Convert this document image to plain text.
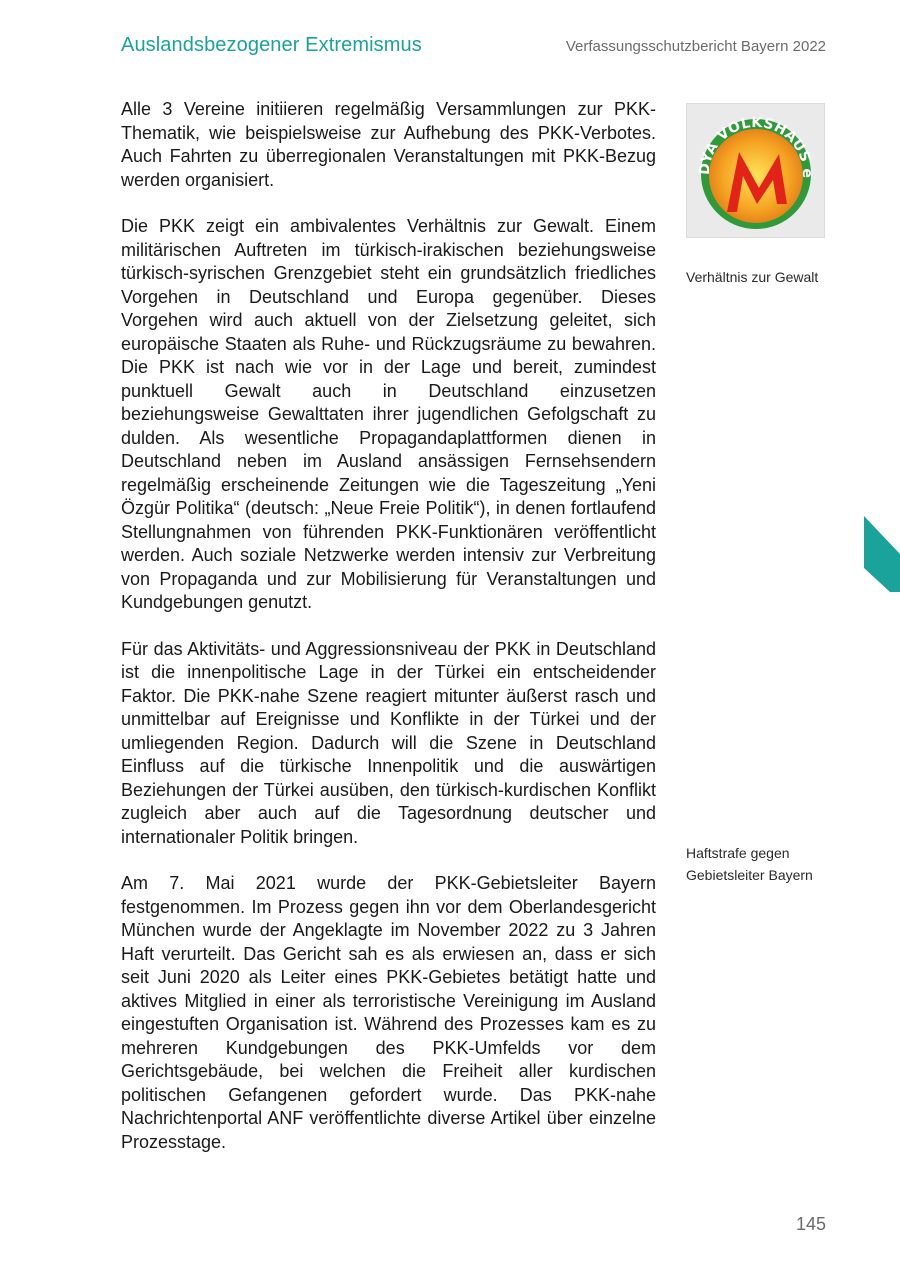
Auslandsbezogener Extremismus	Verfassungsschutzbericht Bayern 2022

Alle 3 Vereine initiieren regelmäßig Versammlungen zur PKK-Thematik, wie beispielsweise zur Aufhebung des PKK-Verbotes. Auch Fahrten zu überregionalen Veranstaltungen mit PKK-Bezug werden organisiert.

Die PKK zeigt ein ambivalentes Verhältnis zur Gewalt. Einem militärischen Auftreten im türkisch-irakischen beziehungsweise türkisch-syrischen Grenzgebiet steht ein grundsätzlich friedliches Vorgehen in Deutschland und Europa gegenüber. Dieses Vorgehen wird auch aktuell von der Zielsetzung geleitet, sich europäische Staaten als Ruhe- und Rückzugsräume zu bewahren. Die PKK ist nach wie vor in der Lage und bereit, zumindest punktuell Gewalt auch in Deutschland einzusetzen beziehungsweise Gewalttaten ihrer jugendlichen Gefolgschaft zu dulden. Als wesentliche Propagandaplattformen dienen in Deutschland neben im Ausland ansässigen Fernsehsendern regelmäßig erscheinende Zeitungen wie die Tageszeitung „Yeni Özgür Politika“ (deutsch: „Neue Freie Politik“), in denen fortlaufend Stellungnahmen von führenden PKK-Funktionären veröffentlicht werden. Auch soziale Netzwerke werden intensiv zur Verbreitung von Propaganda und zur Mobilisierung für Veranstaltungen und Kundgebungen genutzt.

Für das Aktivitäts- und Aggressionsniveau der PKK in Deutschland ist die innenpolitische Lage in der Türkei ein entscheidender Faktor. Die PKK-nahe Szene reagiert mitunter äußerst rasch und unmittelbar auf Ereignisse und Konflikte in der Türkei und der umliegenden Region. Dadurch will die Szene in Deutschland Einfluss auf die türkische Innenpolitik und die auswärtigen Beziehungen der Türkei ausüben, den türkisch-kurdischen Konflikt zugleich aber auch auf die Tagesordnung deutscher und internationaler Politik bringen.

Am 7. Mai 2021 wurde der PKK-Gebietsleiter Bayern festgenommen. Im Prozess gegen ihn vor dem Oberlandesgericht München wurde der Angeklagte im November 2022 zu 3 Jahren Haft verurteilt. Das Gericht sah es als erwiesen an, dass er sich seit Juni 2020 als Leiter eines PKK-Gebietes betätigt hatte und aktives Mitglied in einer als terroristische Vereinigung im Ausland eingestuften Organisation ist. Während des Prozesses kam es zu mehreren Kundgebungen des PKK-Umfelds vor dem Gerichtsgebäude, bei welchen die Freiheit aller kurdischen politischen Gefangenen gefordert wurde. Das PKK-nahe Nachrichtenportal ANF veröffentlichte diverse Artikel über einzelne Prozesstage.

DYA VOLKSHAUS e
Verhältnis zur Gewalt
Haftstrafe gegen
Gebietsleiter Bayern
145
